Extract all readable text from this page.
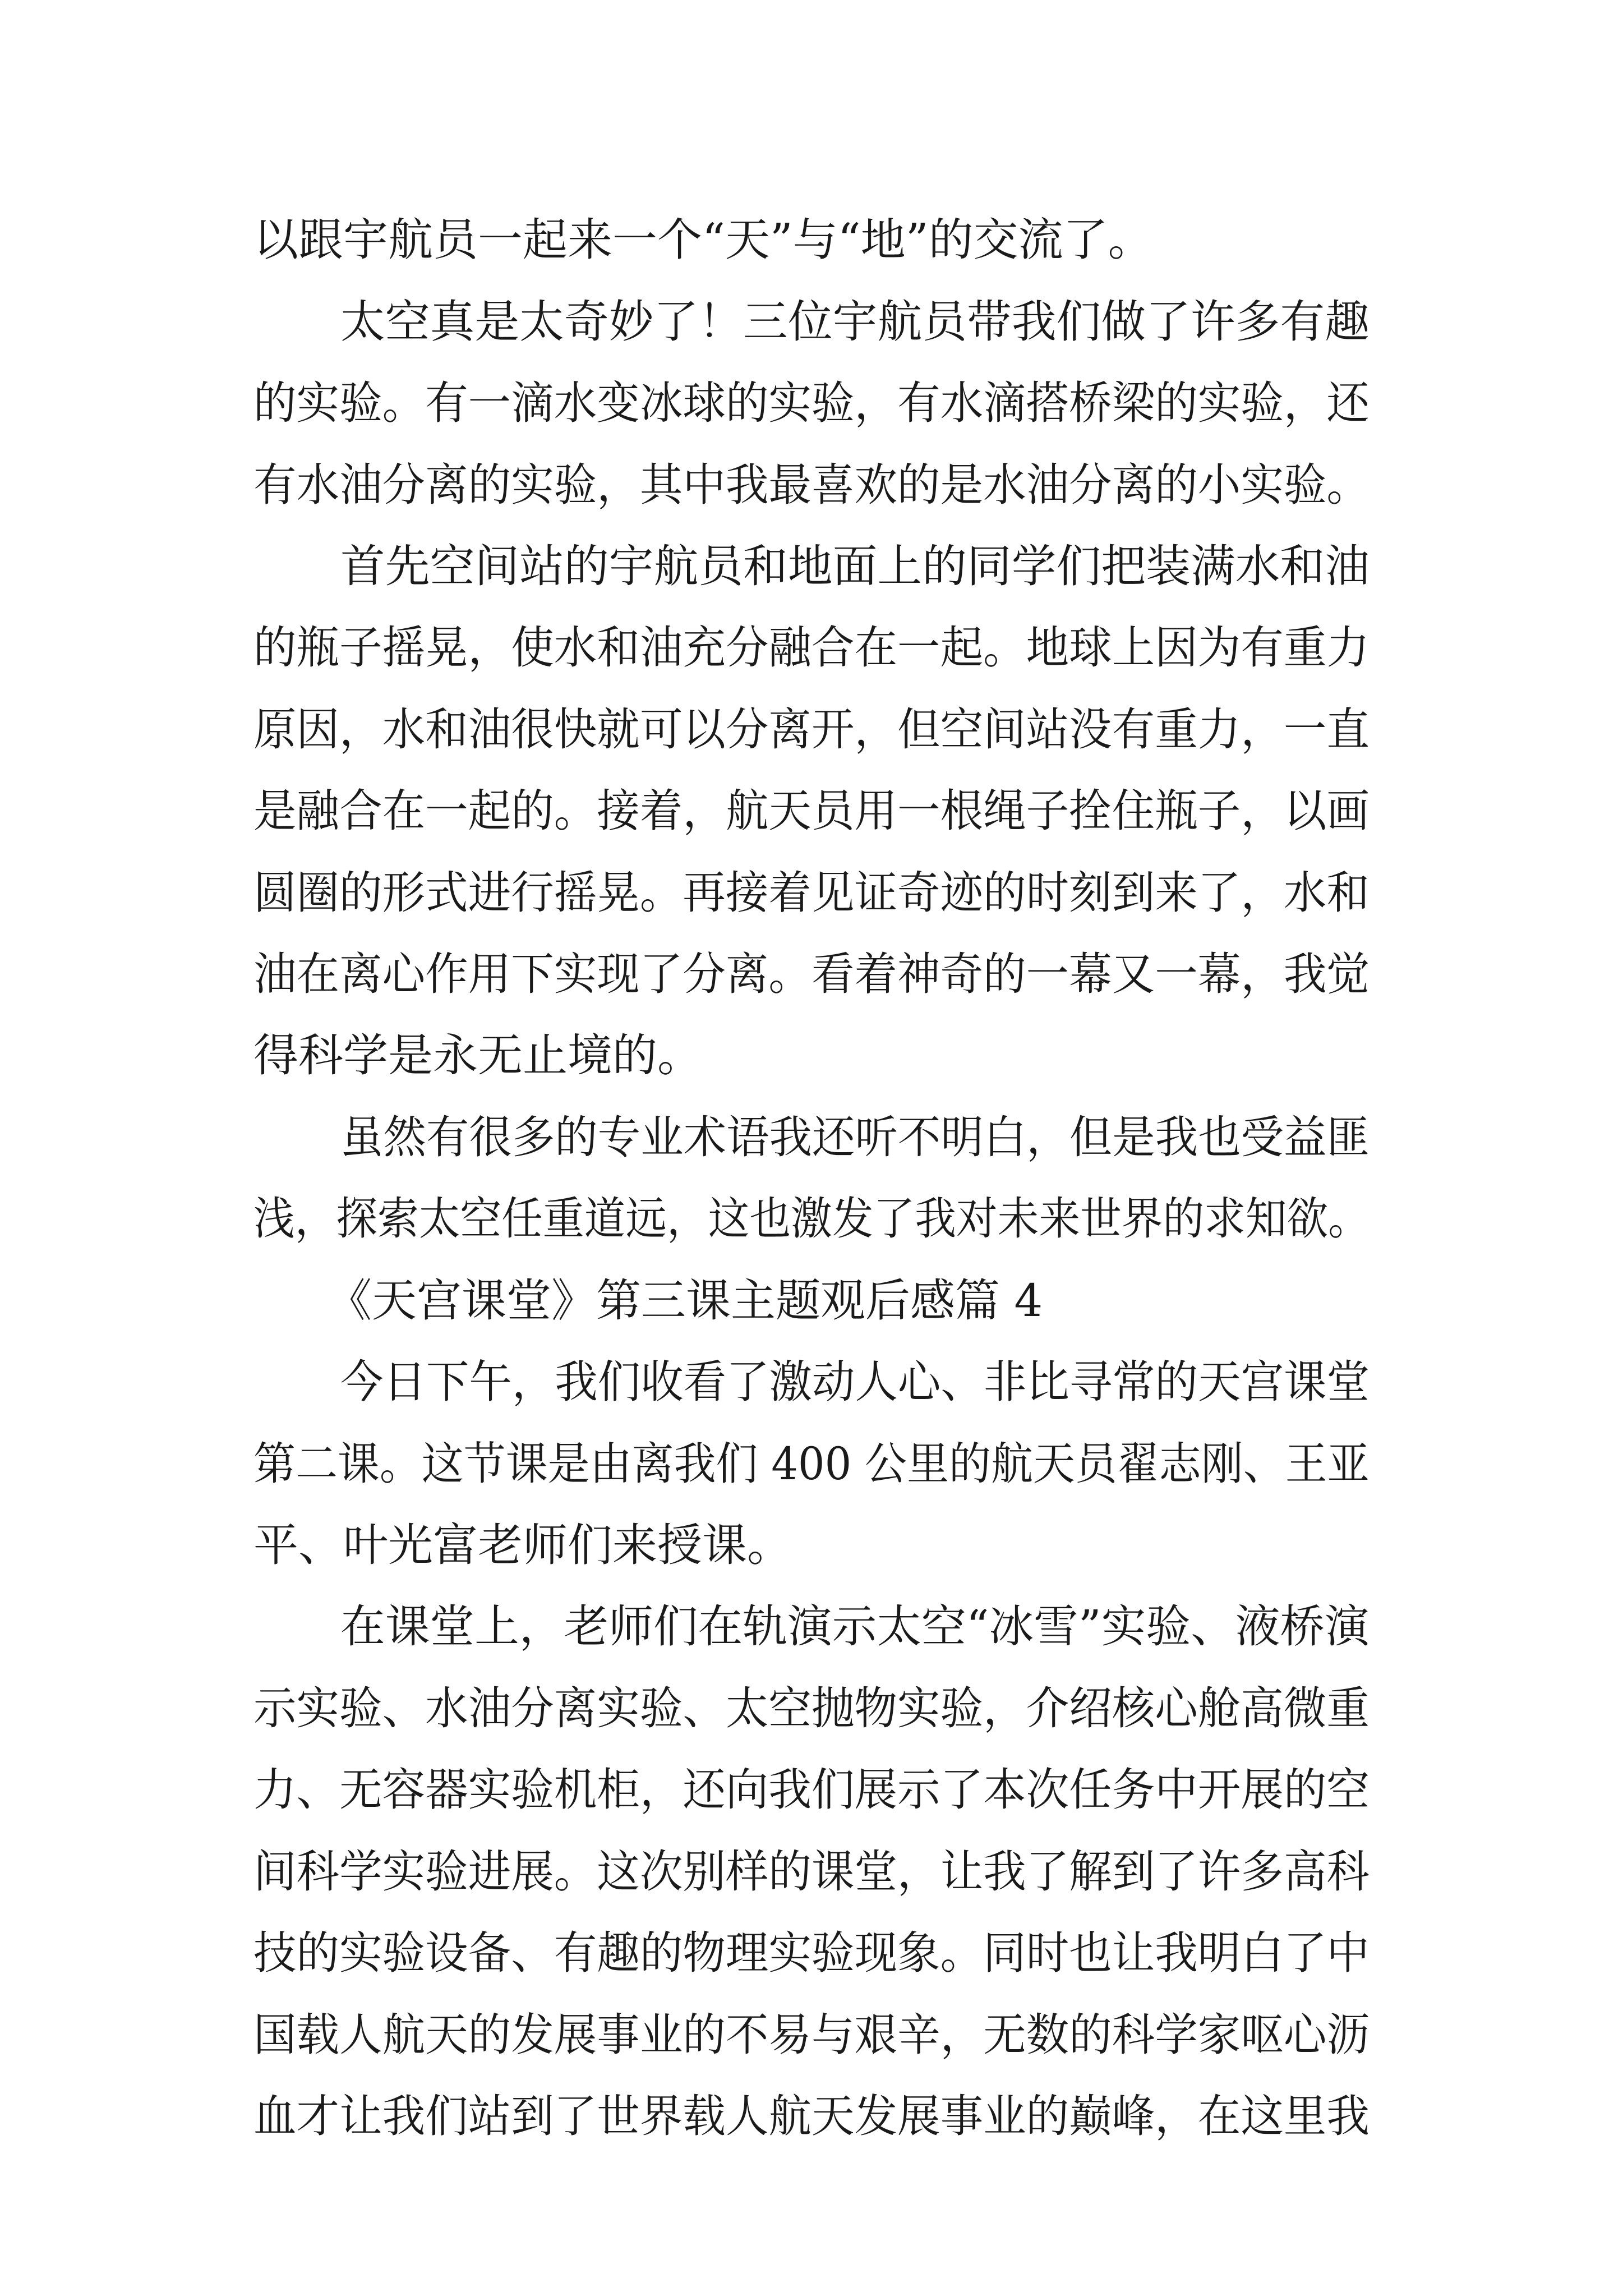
以跟宇航员一起来一个“天”与“地”的交流了。
太空真是太奇妙了！三位宇航员带我们做了许多有趣
的实验。有一滴水变冰球的实验，有水滴搭桥梁的实验，还
有水油分离的实验，其中我最喜欢的是水油分离的小实验。
首先空间站的宇航员和地面上的同学们把装满水和油
的瓶子摇晃，使水和油充分融合在一起。地球上因为有重力
原因，水和油很快就可以分离开，但空间站没有重力，一直
是融合在一起的。接着，航天员用一根绳子拴住瓶子，以画
圆圈的形式进行摇晃。再接着见证奇迹的时刻到来了，水和
油在离心作用下实现了分离。看着神奇的一幕又一幕，我觉
得科学是永无止境的。
虽然有很多的专业术语我还听不明白，但是我也受益匪
浅，探索太空任重道远，这也激发了我对未来世界的求知欲。
《天宫课堂》第三课主题观后感篇 4
今日下午，我们收看了激动人心、非比寻常的天宫课堂
第二课。这节课是由离我们 400 公里的航天员翟志刚、王亚
平、叶光富老师们来授课。
在课堂上，老师们在轨演示太空“冰雪”实验、液桥演
示实验、水油分离实验、太空抛物实验，介绍核心舱高微重
力、无容器实验机柜，还向我们展示了本次任务中开展的空
间科学实验进展。这次别样的课堂，让我了解到了许多高科
技的实验设备、有趣的物理实验现象。同时也让我明白了中
国载人航天的发展事业的不易与艰辛，无数的科学家呕心沥
血才让我们站到了世界载人航天发展事业的巅峰，在这里我
